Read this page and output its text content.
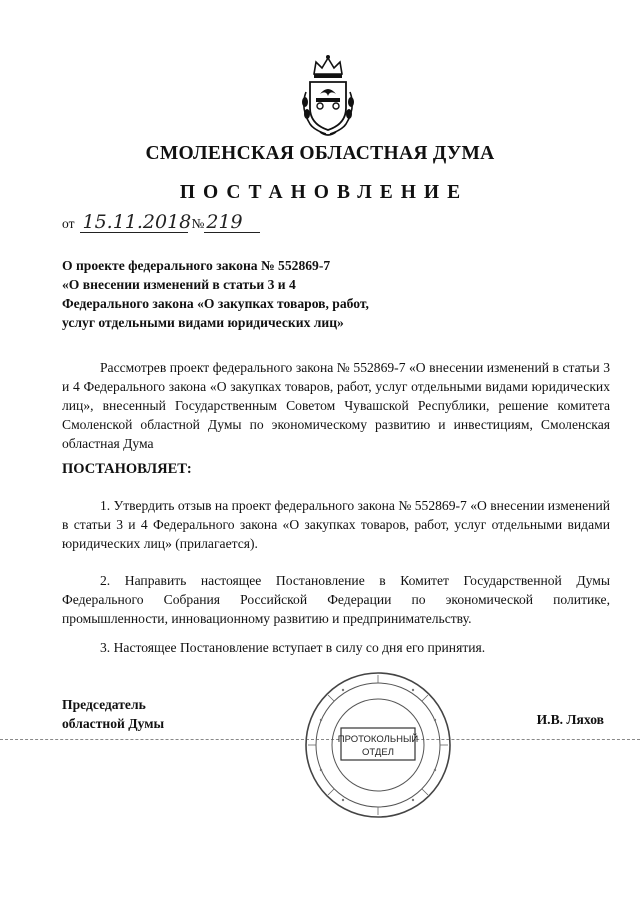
СМОЛЕНСКАЯ ОБЛАСТНАЯ ДУМА
ПОСТАНОВЛЕНИЕ
от 15.11.2018 № 219
О проекте федерального закона № 552869-7
«О внесении изменений в статьи 3 и 4
Федерального закона «О закупках товаров, работ,
услуг отдельными видами юридических лиц»
Рассмотрев проект федерального закона № 552869-7 «О внесении изменений в статьи 3 и 4 Федерального закона «О закупках товаров, работ, услуг отдельными видами юридических лиц», внесенный Государственным Советом Чувашской Республики, решение комитета Смоленской областной Думы по экономическому развитию и инвестициям, Смоленская областная Дума
ПОСТАНОВЛЯЕТ:
1. Утвердить отзыв на проект федерального закона № 552869-7 «О внесении изменений в статьи 3 и 4 Федерального закона «О закупках товаров, работ, услуг отдельными видами юридических лиц» (прилагается).
2. Направить настоящее Постановление в Комитет Государственной Думы Федерального Собрания Российской Федерации по экономической политике, промышленности, инновационному развитию и предпринимательству.
3. Настоящее Постановление вступает в силу со дня его принятия.
ПРОТОКОЛЬНЫЙ
ОТДЕЛ
Председатель
областной Думы	И.В. Ляхов
